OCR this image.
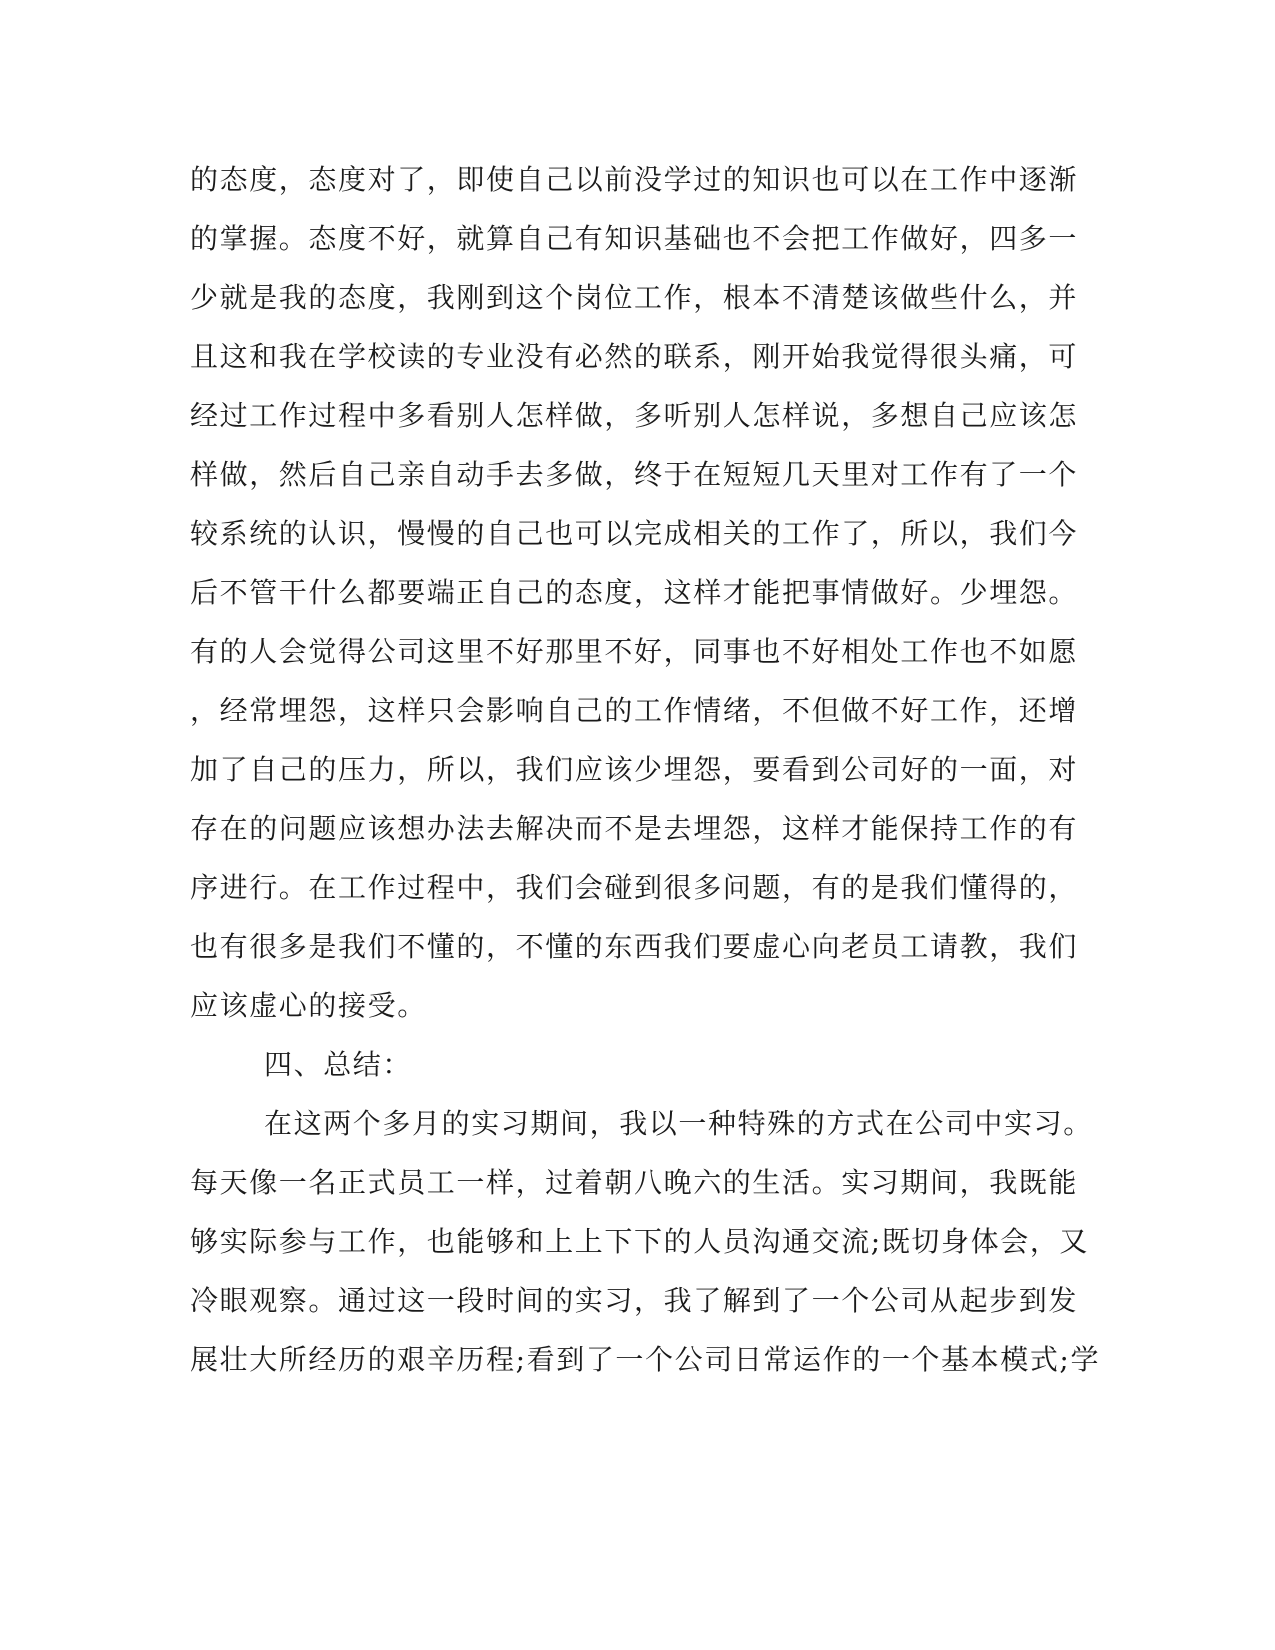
的态度，态度对了，即使自己以前没学过的知识也可以在工作中逐渐
的掌握。态度不好，就算自己有知识基础也不会把工作做好，四多一
少就是我的态度，我刚到这个岗位工作，根本不清楚该做些什么，并
且这和我在学校读的专业没有必然的联系，刚开始我觉得很头痛，可
经过工作过程中多看别人怎样做，多听别人怎样说，多想自己应该怎
样做，然后自己亲自动手去多做，终于在短短几天里对工作有了一个
较系统的认识，慢慢的自己也可以完成相关的工作了，所以，我们今
后不管干什么都要端正自己的态度，这样才能把事情做好。少埋怨。
有的人会觉得公司这里不好那里不好，同事也不好相处工作也不如愿
，经常埋怨，这样只会影响自己的工作情绪，不但做不好工作，还增
加了自己的压力，所以，我们应该少埋怨，要看到公司好的一面，对
存在的问题应该想办法去解决而不是去埋怨，这样才能保持工作的有
序进行。在工作过程中，我们会碰到很多问题，有的是我们懂得的，
也有很多是我们不懂的，不懂的东西我们要虚心向老员工请教，我们
应该虚心的接受。
四、总结：
在这两个多月的实习期间，我以一种特殊的方式在公司中实习。
每天像一名正式员工一样，过着朝八晚六的生活。实习期间，我既能
够实际参与工作，也能够和上上下下的人员沟通交流;既切身体会，又
冷眼观察。通过这一段时间的实习，我了解到了一个公司从起步到发
展壮大所经历的艰辛历程;看到了一个公司日常运作的一个基本模式;学
